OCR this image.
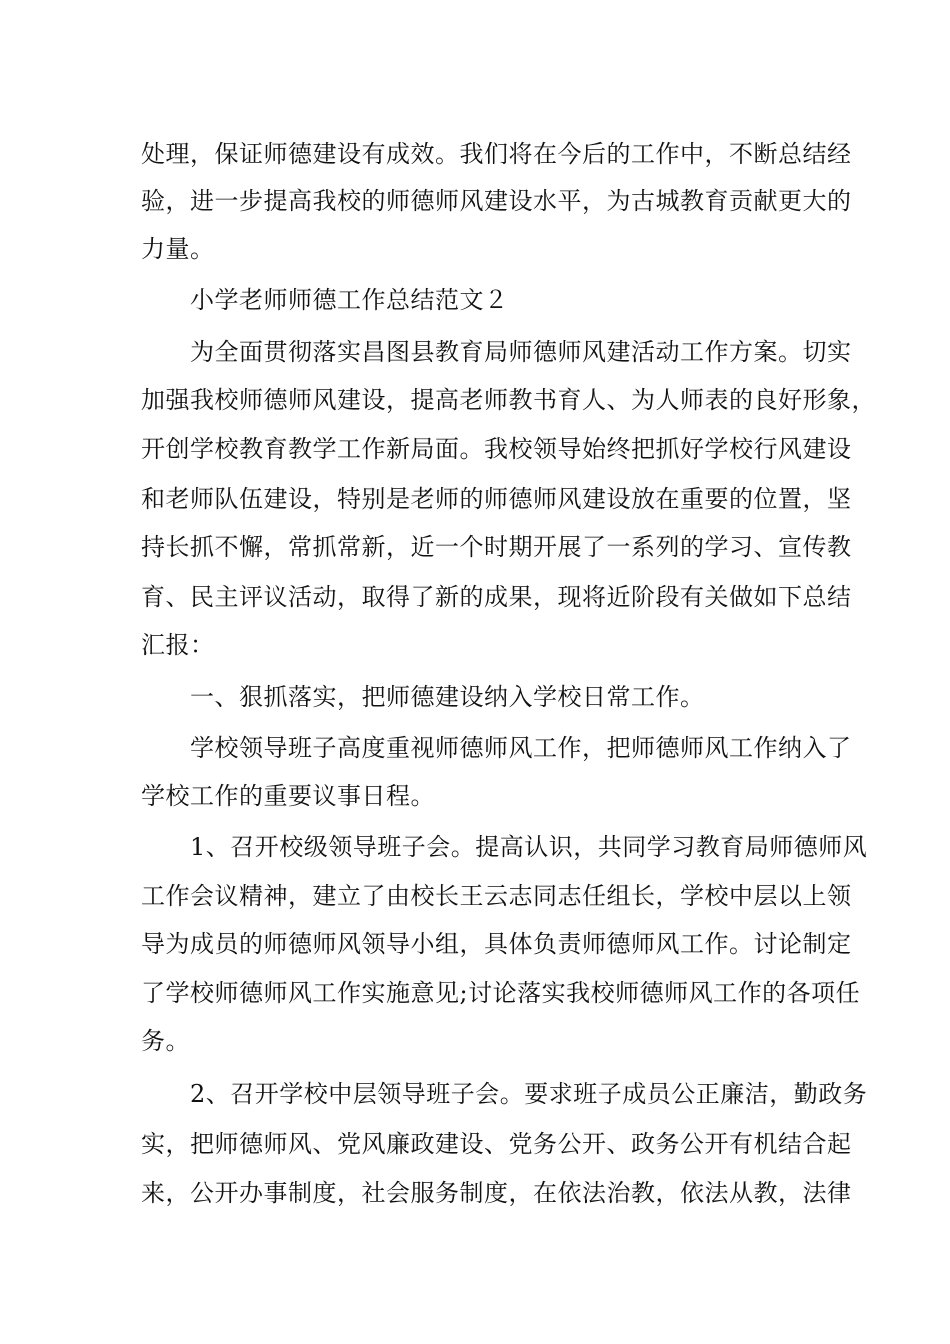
处理，保证师德建设有成效。我们将在今后的工作中，不断总结经
验，进一步提高我校的师德师风建设水平，为古城教育贡献更大的
力量。
小学老师师德工作总结范文２
为全面贯彻落实昌图县教育局师德师风建活动工作方案。切实
加强我校师德师风建设，提高老师教书育人、为人师表的良好形象，
开创学校教育教学工作新局面。我校领导始终把抓好学校行风建设
和老师队伍建设，特别是老师的师德师风建设放在重要的位置，坚
持长抓不懈，常抓常新，近一个时期开展了一系列的学习、宣传教
育、民主评议活动，取得了新的成果，现将近阶段有关做如下总结
汇报：
一、狠抓落实，把师德建设纳入学校日常工作。
学校领导班子高度重视师德师风工作，把师德师风工作纳入了
学校工作的重要议事日程。
1、召开校级领导班子会。提高认识，共同学习教育局师德师风
工作会议精神，建立了由校长王云志同志任组长，学校中层以上领
导为成员的师德师风领导小组，具体负责师德师风工作。讨论制定
了学校师德师风工作实施意见;讨论落实我校师德师风工作的各项任
务。
2、召开学校中层领导班子会。要求班子成员公正廉洁，勤政务
实，把师德师风、党风廉政建设、党务公开、政务公开有机结合起
来，公开办事制度，社会服务制度，在依法治教，依法从教，法律
